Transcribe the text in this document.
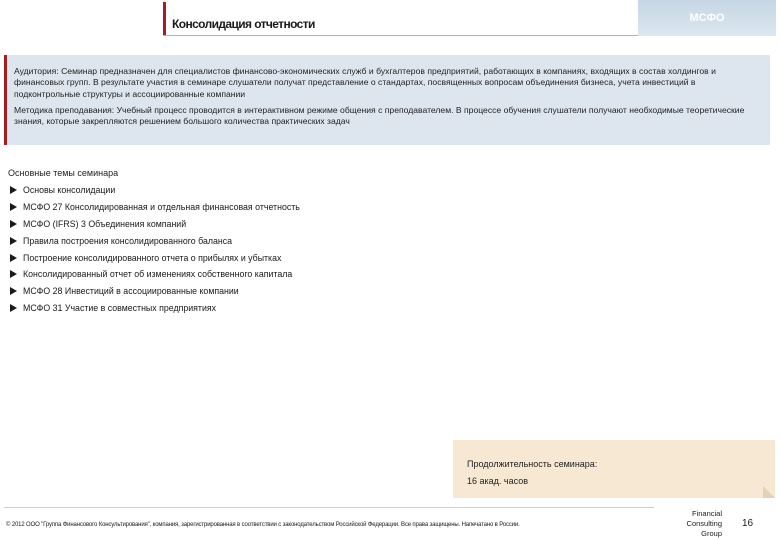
Консолидация отчетности	МСФО

Аудитория: Семинар предназначен для специалистов финансово-экономических служб и бухгалтеров предприятий, работающих в компаниях, входящих в состав холдингов и финансовых групп. В результате участия в семинаре слушатели получат представление о стандартах, посвященных вопросам объединения бизнеса, учета инвестиций в подконтрольные структуры и ассоциированные компании

Методика преподавания: Учебный процесс проводится в интерактивном режиме общения с преподавателем. В процессе обучения слушатели получают необходимые теоретические знания, которые закрепляются решением большого количества практических задач

Основные темы семинара
Основы консолидации
МСФО 27 Консолидированная и отдельная финансовая отчетность
МСФО (IFRS) 3 Объединения компаний
Правила построения консолидированного баланса
Построение консолидированного отчета о прибылях и убытках
Консолидированный отчет об изменениях собственного капитала
МСФО 28 Инвестиций в ассоциированные компании
МСФО 31 Участие в совместных предприятиях
Продолжительность семинара:
16 акад. часов
© 2012 ООО "Группа Финансового Консультирования", компания, зарегистрированная в соответствии с законодательством Российской Федерации. Все права защищены. Напечатано в России.
Financial
Consulting
Group
16
